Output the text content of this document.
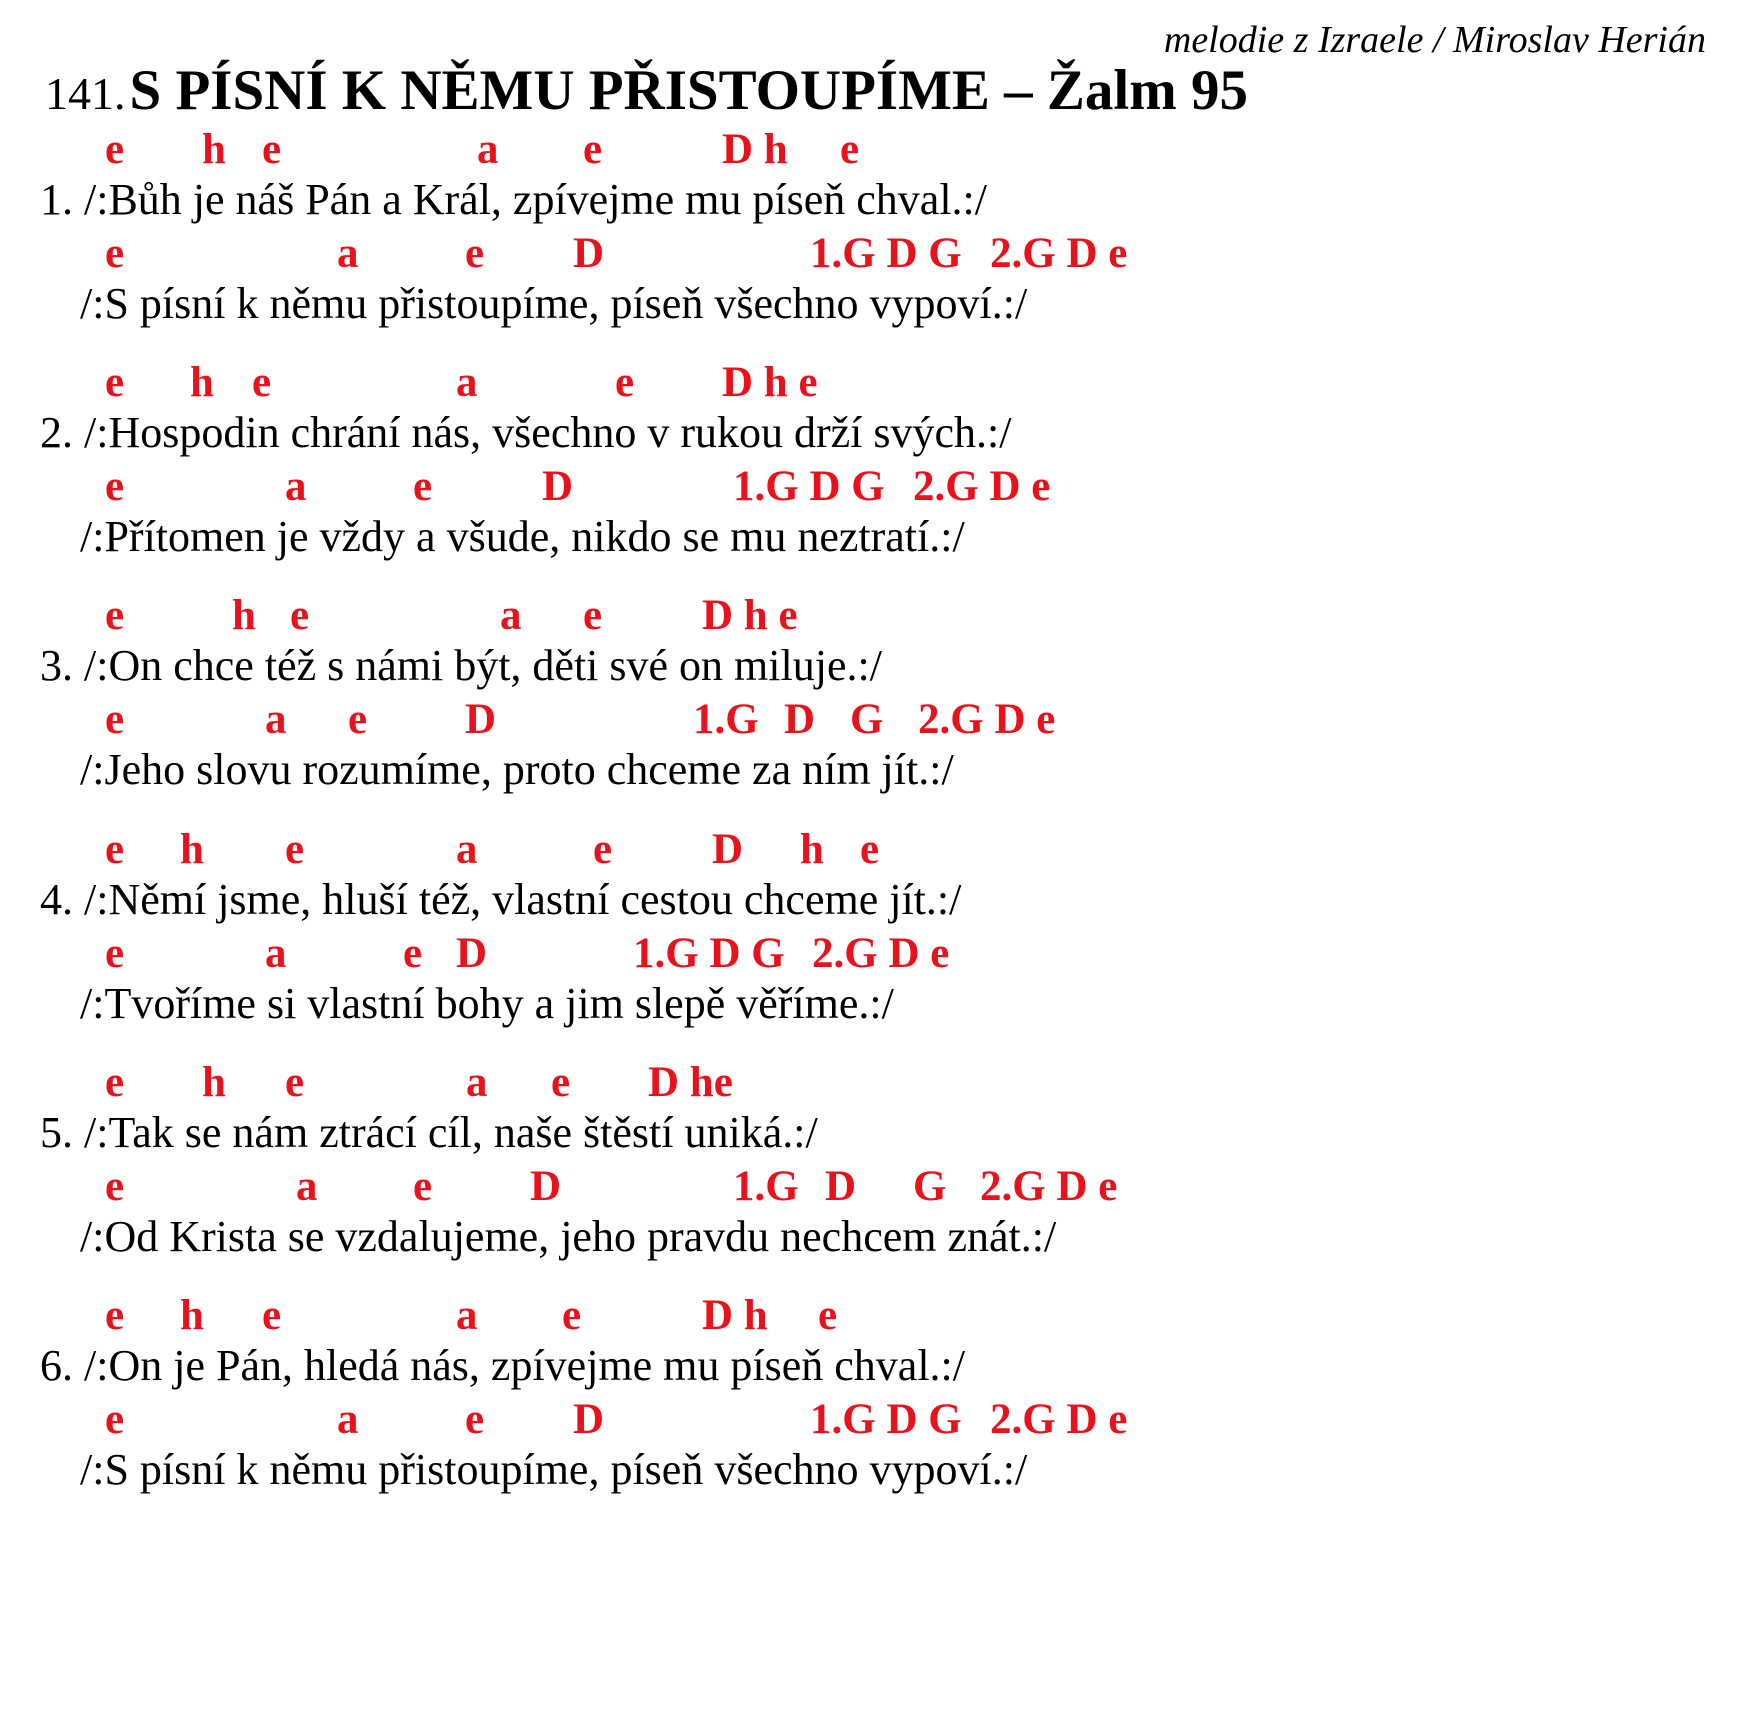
melodie z Izraele / Miroslav Herián
141. S PÍSNÍ K NĚMU PŘISTOUPÍME – Žalm 95
e h e	a e	D h e
1. /:Bůh je náš Pán a Král, zpívejme mu píseň chval.:/
e	a e D	1.G D G 2.G D e
/:S písní k němu přistoupíme, píseň všechno vypoví.:/
e h e	a	e D h e
2. /:Hospodin chrání nás, všechno v rukou drží svých.:/
e	a e	D	1.G D G 2.G D e
/:Přítomen je vždy a všude, nikdo se mu neztratí.:/
e	h e	a e D h e
3. /:On chce též s námi být, děti své on miluje.:/
e	a e D	1.G D G 2.G D e
/:Jeho slovu rozumíme, proto chceme za ním jít.:/
e h e	a	e D h e
4. /:Němí jsme, hluší též, vlastní cestou chceme jít.:/
e	a	e D	1.G D G 2.G D e
/:Tvoříme si vlastní bohy a jim slepě věříme.:/
e h e	a e D he
5. /:Tak se nám ztrácí cíl, naše štěstí uniká.:/
e	a e D	1.G D G 2.G D e
/:Od Krista se vzdalujeme, jeho pravdu nechcem znát.:/
e h e	a e	D h e
6. /:On je Pán, hledá nás, zpívejme mu píseň chval.:/
e	a e D	1.G D G 2.G D e
/:S písní k němu přistoupíme, píseň všechno vypoví.:/
